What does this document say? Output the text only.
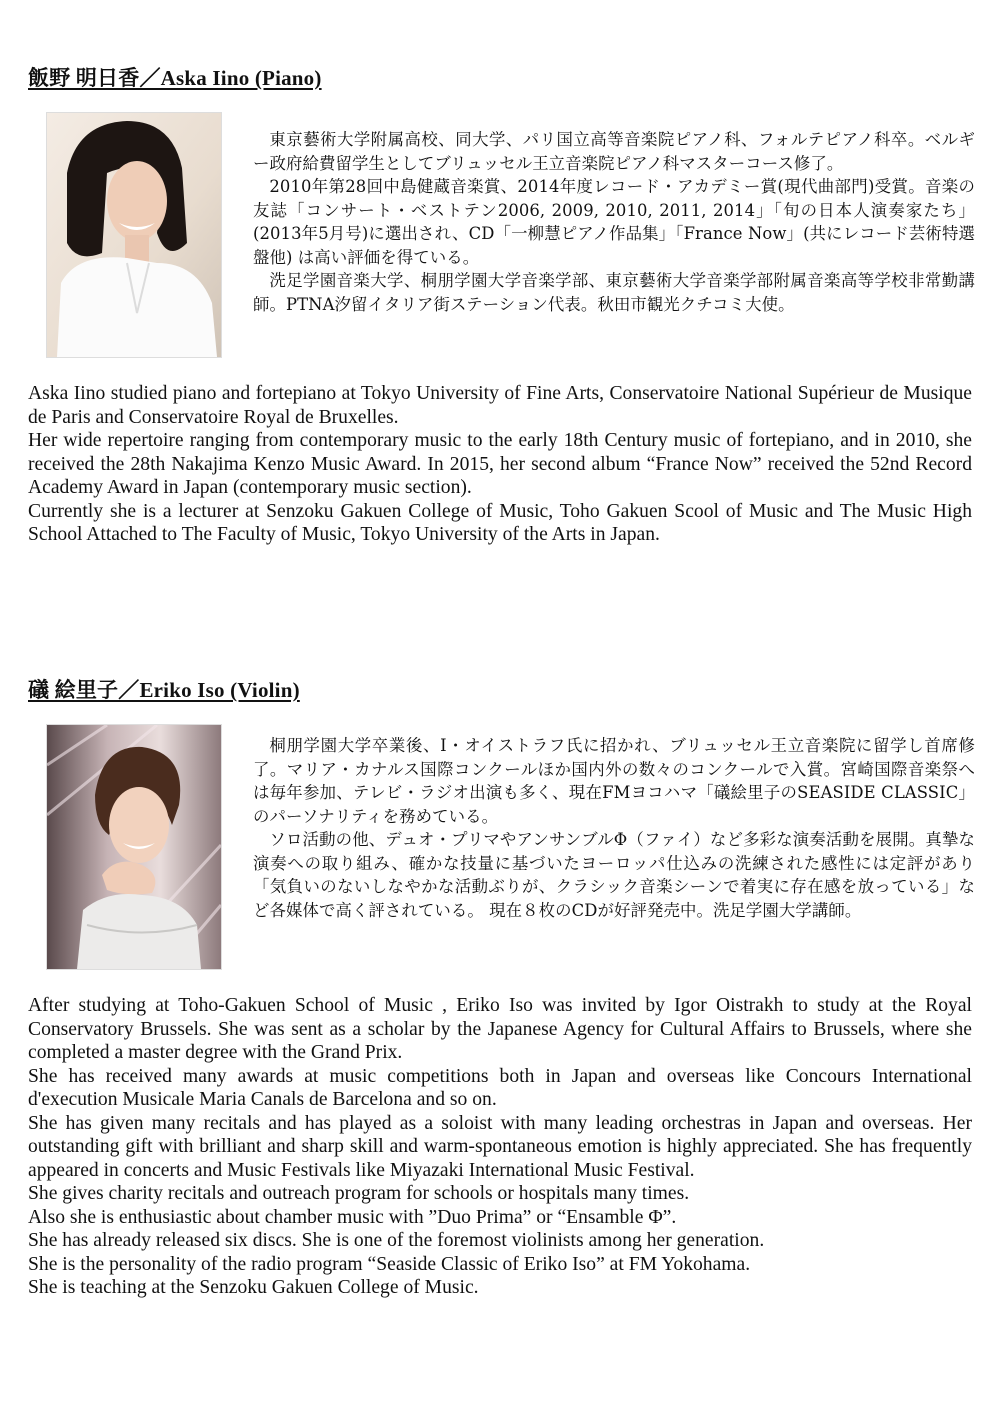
飯野 明日香／Aska Iino (Piano)

東京藝術大学附属高校、同大学、パリ国立高等音楽院ピアノ科、フォルテピアノ科卒。ベルギー政府給費留学生としてブリュッセル王立音楽院ピアノ科マスターコース修了。

2010年第28回中島健蔵音楽賞、2014年度レコード・アカデミー賞(現代曲部門)受賞。音楽の友誌「コンサート・ベストテン2006, 2009, 2010, 2011, 2014」「旬の日本人演奏家たち」(2013年5月号)に選出され、CD「一柳慧ピアノ作品集」「France Now」(共にレコード芸術特選盤他) は高い評価を得ている。

洗足学園音楽大学、桐朋学園大学音楽学部、東京藝術大学音楽学部附属音楽高等学校非常勤講師。PTNA汐留イタリア街ステーション代表。秋田市観光クチコミ大使。

Aska Iino studied piano and fortepiano at Tokyo University of Fine Arts, Conservatoire National Supérieur de Musique de Paris and Conservatoire Royal de Bruxelles.

Her wide repertoire ranging from contemporary music to the early 18th Century music of fortepiano, and in 2010, she received the 28th Nakajima Kenzo Music Award. In 2015, her second album “France Now” received the 52nd Record Academy Award in Japan (contemporary music section).

Currently she is a lecturer at Senzoku Gakuen College of Music, Toho Gakuen Scool of Music and The Music High School Attached to The Faculty of Music, Tokyo University of the Arts in Japan.

礒 絵里子／Eriko Iso (Violin)

桐朋学園大学卒業後、I・オイストラフ氏に招かれ、ブリュッセル王立音楽院に留学し首席修了。マリア・カナルス国際コンクールほか国内外の数々のコンクールで入賞。宮崎国際音楽祭へは毎年参加、テレビ・ラジオ出演も多く、現在FMヨコハマ「礒絵里子のSEASIDE CLASSIC」のパーソナリティを務めている。

ソロ活動の他、デュオ・プリマやアンサンブルΦ（ファイ）など多彩な演奏活動を展開。真摯な演奏への取り組み、確かな技量に基づいたヨーロッパ仕込みの洗練された感性には定評があり「気負いのないしなやかな活動ぶりが、クラシック音楽シーンで着実に存在感を放っている」など各媒体で高く評されている。 現在８枚のCDが好評発売中。洗足学園大学講師。

After studying at Toho-Gakuen School of Music , Eriko Iso was invited by Igor Oistrakh to study at the Royal Conservatory Brussels. She was sent as a scholar by the Japanese Agency for Cultural Affairs to Brussels, where she completed a master degree with the Grand Prix.

She has received many awards at music competitions both in Japan and overseas like Concours International d'execution Musicale Maria Canals de Barcelona and so on.

She has given many recitals and has played as a soloist with many leading orchestras in Japan and overseas. Her outstanding gift with brilliant and sharp skill and warm-spontaneous emotion is highly appreciated. She has frequently appeared in concerts and Music Festivals like Miyazaki International Music Festival.

She gives charity recitals and outreach program for schools or hospitals many times.

Also she is enthusiastic about chamber music with ”Duo Prima” or “Ensamble Φ”.

She has already released six discs. She is one of the foremost violinists among her generation.

She is the personality of the radio program “Seaside Classic of Eriko Iso” at FM Yokohama.

She is teaching at the Senzoku Gakuen College of Music.
